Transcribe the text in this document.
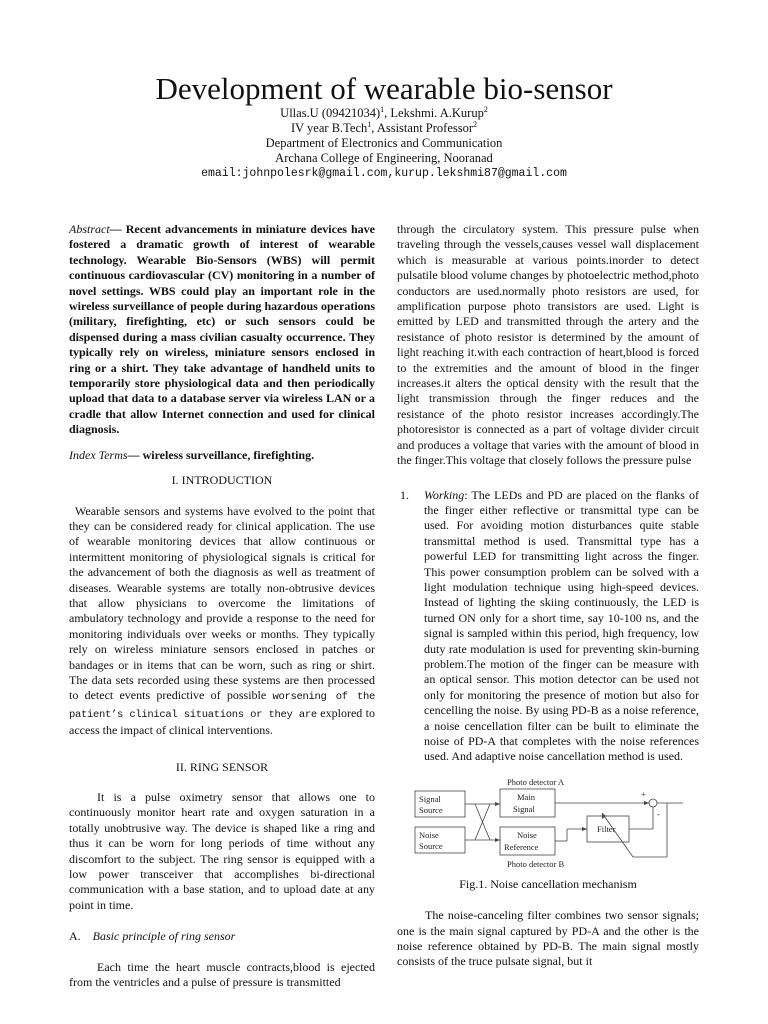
Development of wearable bio-sensor
Ullas.U $(09421034)^1$, Lekshmi. A.Kurup$^2$
IV year B.Tech$^1$, Assistant Professor$^2$
Department of Electronics and Communication
Archana College of Engineering, Nooranad
email:johnpolesrk@gmail.com,kurup.lekshmi87@gmail.com

Abstract— Recent advancements in miniature devices have fostered a dramatic growth of interest of wearable technology. Wearable Bio-Sensors (WBS) will permit continuous cardiovascular (CV) monitoring in a number of novel settings. WBS could play an important role in the wireless surveillance of people during hazardous operations (military, firefighting, etc) or such sensors could be dispensed during a mass civilian casualty occurrence. They typically rely on wireless, miniature sensors enclosed in ring or a shirt. They take advantage of handheld units to temporarily store physiological data and then periodically upload that data to a database server via wireless LAN or a cradle that allow Internet connection and used for clinical diagnosis.

Index Terms— wireless surveillance, firefighting.

I. INTRODUCTION

Wearable sensors and systems have evolved to the point that they can be considered ready for clinical application. The use of wearable monitoring devices that allow continuous or intermittent monitoring of physiological signals is critical for the advancement of both the diagnosis as well as treatment of diseases. Wearable systems are totally non-obtrusive devices that allow physicians to overcome the limitations of ambulatory technology and provide a response to the need for monitoring individuals over weeks or months. They typically rely on wireless miniature sensors enclosed in patches or bandages or in items that can be worn, such as ring or shirt. The data sets recorded using these systems are then processed to detect events predictive of possible worsening of the patient’s clinical situations or they are explored to access the impact of clinical interventions.

II. RING SENSOR

It is a pulse oximetry sensor that allows one to continuously monitor heart rate and oxygen saturation in a totally unobtrusive way. The device is shaped like a ring and thus it can be worn for long periods of time without any discomfort to the subject. The ring sensor is equipped with a low power transceiver that accomplishes bi-directional communication with a base station, and to upload date at any point in time.

A. Basic principle of ring sensor

Each time the heart muscle contracts,blood is ejected from the ventricles and a pulse of pressure is transmitted

through the circulatory system. This pressure pulse when traveling through the vessels,causes vessel wall displacement which is measurable at various points.inorder to detect pulsatile blood volume changes by photoelectric method,photo conductors are used.normally photo resistors are used, for amplification purpose photo transistors are used. Light is emitted by LED and transmitted through the artery and the resistance of photo resistor is determined by the amount of light reaching it.with each contraction of heart,blood is forced to the extremities and the amount of blood in the finger increases.it alters the optical density with the result that the light transmission through the finger reduces and the resistance of the photo resistor increases accordingly.The photoresistor is connected as a part of voltage divider circuit and produces a voltage that varies with the amount of blood in the finger.This voltage that closely follows the pressure pulse

1.	Working: The LEDs and PD are placed on the flanks of the finger either reflective or transmittal type can be used. For avoiding motion disturbances quite stable transmittal method is used. Transmittal type has a powerful LED for transmitting light across the finger. This power consumption problem can be solved with a light modulation technique using high-speed devices. Instead of lighting the skiing continuously, the LED is turned ON only for a short time, say 10-100 ns, and the signal is sampled within this period, high frequency, low duty rate modulation is used for preventing skin-burning problem.The motion of the finger can be measure with an optical sensor. This motion detector can be used not only for monitoring the presence of motion but also for cencelling the noise. By using PD-B as a noise reference, a noise cencellation filter can be built to eliminate the noise of PD-A that completes with the noise references used. And adaptive noise cancellation method is used.
Photo detector A
Photo detector B
Signal
Source
Noise
Source
Main
Signal
Noise
Reference
Filter
+
-

Fig.1. Noise cancellation mechanism

The noise-canceling filter combines two sensor signals; one is the main signal captured by PD-A and the other is the noise reference obtained by PD-B. The main signal mostly consists of the truce pulsate signal, but it
